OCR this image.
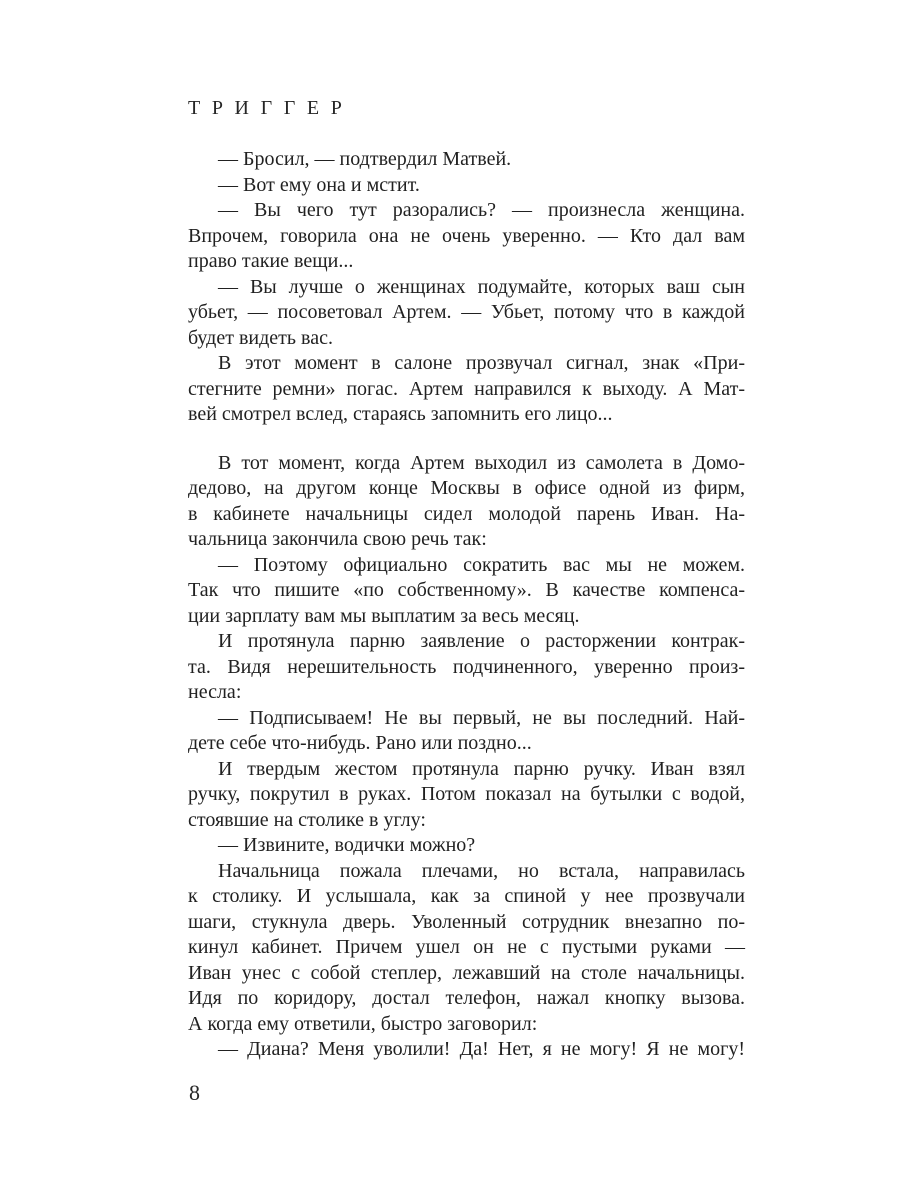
ТРИГГЕР
— Бросил, — подтвердил Матвей.
— Вот ему она и мстит.
— Вы чего тут разорались? — произнесла женщина.
Впрочем, говорила она не очень уверенно. — Кто дал вам
право такие вещи...
— Вы лучше о женщинах подумайте, которых ваш сын
убьет, — посоветовал Артем. — Убьет, потому что в каждой
будет видеть вас.
В этот момент в салоне прозвучал сигнал, знак «При-
стегните ремни» погас. Артем направился к выходу. А Мат-
вей смотрел вслед, стараясь запомнить его лицо...
В тот момент, когда Артем выходил из самолета в Домо-
дедово, на другом конце Москвы в офисе одной из фирм,
в кабинете начальницы сидел молодой парень Иван. На-
чальница закончила свою речь так:
— Поэтому официально сократить вас мы не можем.
Так что пишите «по собственному». В качестве компенса-
ции зарплату вам мы выплатим за весь месяц.
И протянула парню заявление о расторжении контрак-
та. Видя нерешительность подчиненного, уверенно произ-
несла:
— Подписываем! Не вы первый, не вы последний. Най-
дете себе что-нибудь. Рано или поздно...
И твердым жестом протянула парню ручку. Иван взял
ручку, покрутил в руках. Потом показал на бутылки с водой,
стоявшие на столике в углу:
— Извините, водички можно?
Начальница пожала плечами, но встала, направилась
к столику. И услышала, как за спиной у нее прозвучали
шаги, стукнула дверь. Уволенный сотрудник внезапно по-
кинул кабинет. Причем ушел он не с пустыми руками —
Иван унес с собой степлер, лежавший на столе начальницы.
Идя по коридору, достал телефон, нажал кнопку вызова.
А когда ему ответили, быстро заговорил:
— Диана? Меня уволили! Да! Нет, я не могу! Я не могу!
8
